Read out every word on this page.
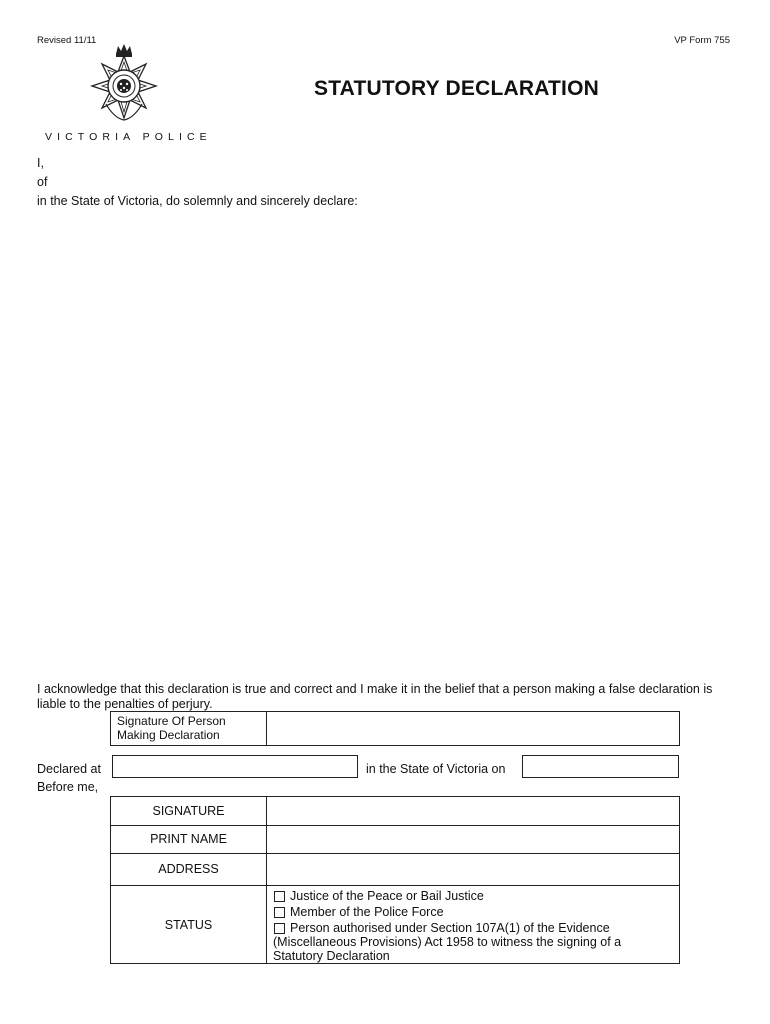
Revised 11/11	VP Form 755
STATUTORY DECLARATION
VICTORIA POLICE
I,
of
in the State of Victoria, do solemnly and sincerely declare:
I acknowledge that this declaration is true and correct and I make it in the belief that a person making a false declaration is liable to the penalties of perjury.
Signature Of Person
Making Declaration
Declared at	in the State of Victoria on
Before me,
SIGNATURE
PRINT NAME
ADDRESS
STATUS
Justice of the Peace or Bail Justice
Member of the Police Force
Person authorised under Section 107A(1) of the Evidence
(Miscellaneous Provisions) Act 1958 to witness the signing of a
Statutory Declaration
